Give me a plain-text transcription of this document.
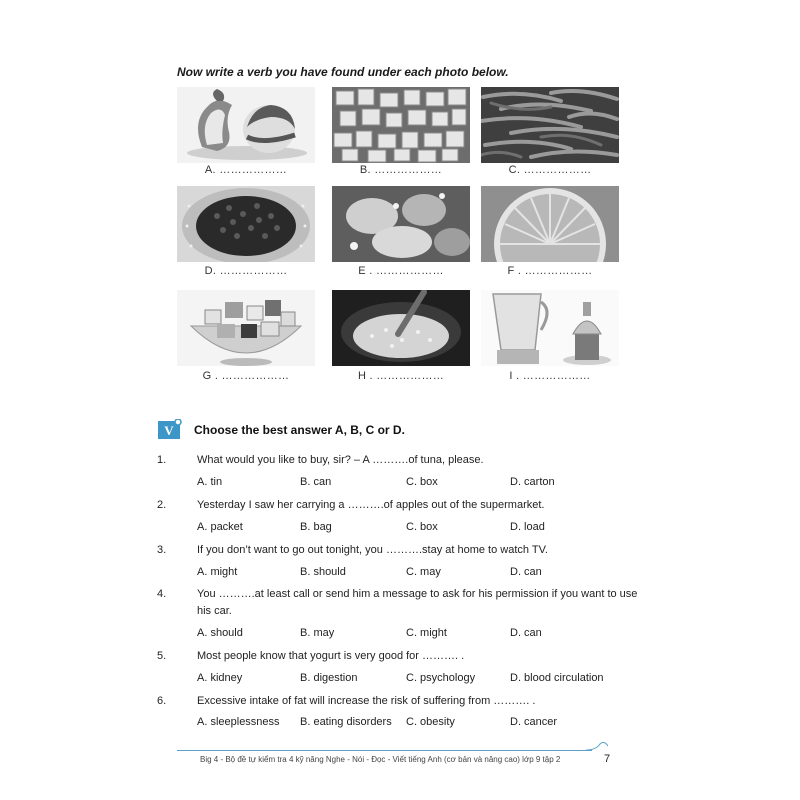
Now write a verb you have found under each photo below.

A. ………………	B. ………………	C. ………………
D. ………………	E . ………………	F . ………………
G . ………………	H . ………………	I . ………………
V Choose the best answer A, B, C or D.

1.	What would you like to buy, sir? – A ……….of tuna, please.
A. tin	B. can	C. box	D. carton
2.	Yesterday I saw her carrying a ……….of apples out of the supermarket.
A. packet	B. bag	C. box	D. load
3.	If you don’t want to go out tonight, you ……….stay at home to watch TV.
A. might	B. should	C. may	D. can
4.	You ……….at least call or send him a message to ask for his permission if you want to use his car.
A. should	B. may	C. might	D. can
5.	Most people know that yogurt is very good for ………. .
A. kidney	B. digestion	C. psychology	D. blood circulation
6.	Excessive intake of fat will increase the risk of suffering from ………. .
A. sleeplessness B. eating disorders C. obesity	D. cancer
Big 4 - Bộ đề tự kiểm tra 4 kỹ năng Nghe - Nói - Đọc - Viết tiếng Anh (cơ bản và nâng cao) lớp 9 tập 2	7
